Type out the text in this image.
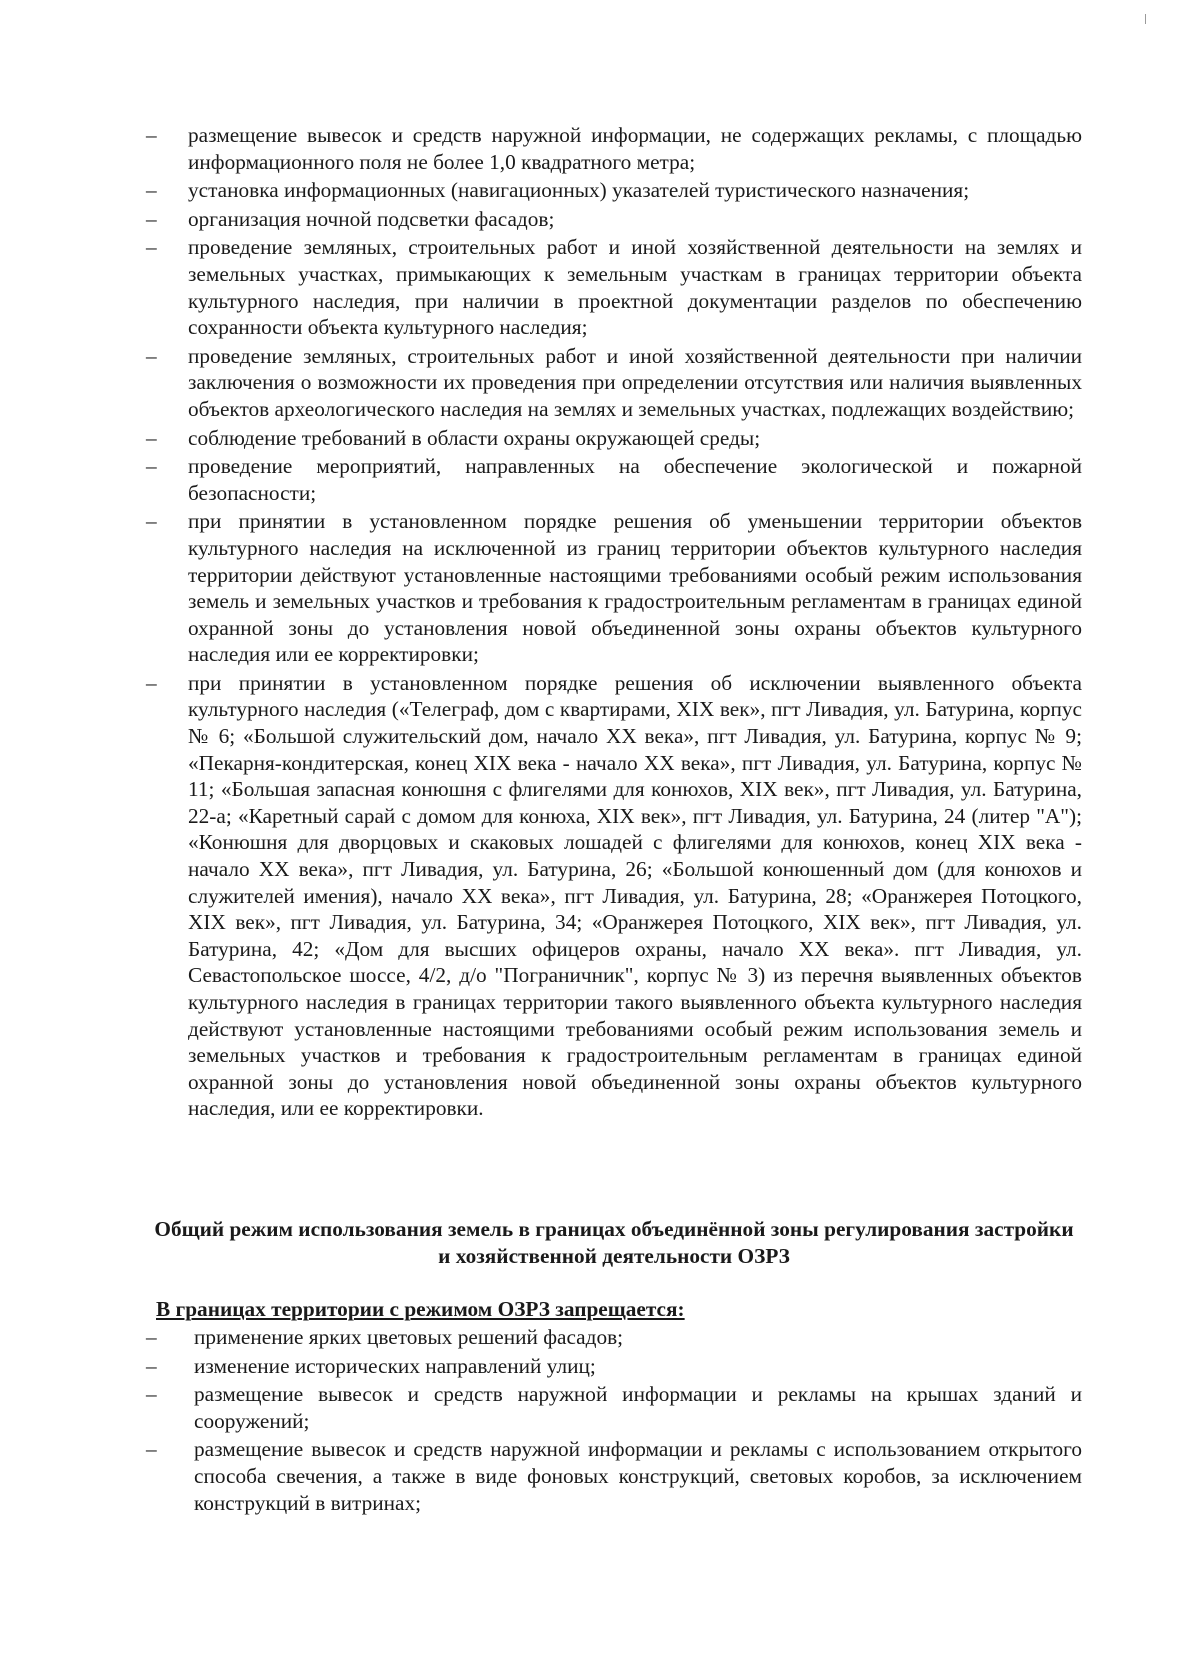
–	размещение вывесок и средств наружной информации, не содержащих рекламы, с площадью информационного поля не более 1,0 квадратного метра;
–	установка информационных (навигационных) указателей туристического назначения;
–	организация ночной подсветки фасадов;
–	проведение земляных, строительных работ и иной хозяйственной деятельности на землях и земельных участках, примыкающих к земельным участкам в границах территории объекта культурного наследия, при наличии в проектной документации разделов по обеспечению сохранности объекта культурного наследия;
–	проведение земляных, строительных работ и иной хозяйственной деятельности при наличии заключения о возможности их проведения при определении отсутствия или наличия выявленных объектов археологического наследия на землях и земельных участках, подлежащих воздействию;
–	соблюдение требований в области охраны окружающей среды;
–	проведение мероприятий, направленных на обеспечение экологической и пожарной безопасности;
–	при принятии в установленном порядке решения об уменьшении территории объектов культурного наследия на исключенной из границ территории объектов культурного наследия территории действуют установленные настоящими требованиями особый режим использования земель и земельных участков и требования к градостроительным регламентам в границах единой охранной зоны до установления новой объединенной зоны охраны объектов культурного наследия или ее корректировки;
–	при принятии в установленном порядке решения об исключении выявленного объекта культурного наследия («Телеграф, дом с квартирами, XIX век», пгт Ливадия, ул. Батурина, корпус № 6; «Большой служительский дом, начало XX века», пгт Ливадия, ул. Батурина, корпус № 9; «Пекарня-кондитерская, конец XIX века - начало XX века», пгт Ливадия, ул. Батурина, корпус № 11; «Большая запасная конюшня с флигелями для конюхов, XIX век», пгт Ливадия, ул. Батурина, 22-а; «Каретный сарай с домом для конюха, XIX век», пгт Ливадия, ул. Батурина, 24 (литер "А"); «Конюшня для дворцовых и скаковых лошадей с флигелями для конюхов, конец XIX века - начало XX века», пгт Ливадия, ул. Батурина, 26; «Большой конюшенный дом (для конюхов и служителей имения), начало XX века», пгт Ливадия, ул. Батурина, 28; «Оранжерея Потоцкого, XIX век», пгт Ливадия, ул. Батурина, 34; «Оранжерея Потоцкого, XIX век», пгт Ливадия, ул. Батурина, 42; «Дом для высших офицеров охраны, начало XX века». пгт Ливадия, ул. Севастопольское шоссе, 4/2, д/о "Пограничник", корпус № 3) из перечня выявленных объектов культурного наследия в границах территории такого выявленного объекта культурного наследия действуют установленные настоящими требованиями особый режим использования земель и земельных участков и требования к градостроительным регламентам в границах единой охранной зоны до установления новой объединенной зоны охраны объектов культурного наследия, или ее корректировки.
Общий режим использования земель в границах объединённой зоны регулирования застройки и хозяйственной деятельности ОЗРЗ
В границах территории с режимом ОЗРЗ запрещается:
–	применение ярких цветовых решений фасадов;
–	изменение исторических направлений улиц;
–	размещение вывесок и средств наружной информации и рекламы на крышах зданий и сооружений;
–	размещение вывесок и средств наружной информации и рекламы с использованием открытого способа свечения, а также в виде фоновых конструкций, световых коробов, за исключением конструкций в витринах;
